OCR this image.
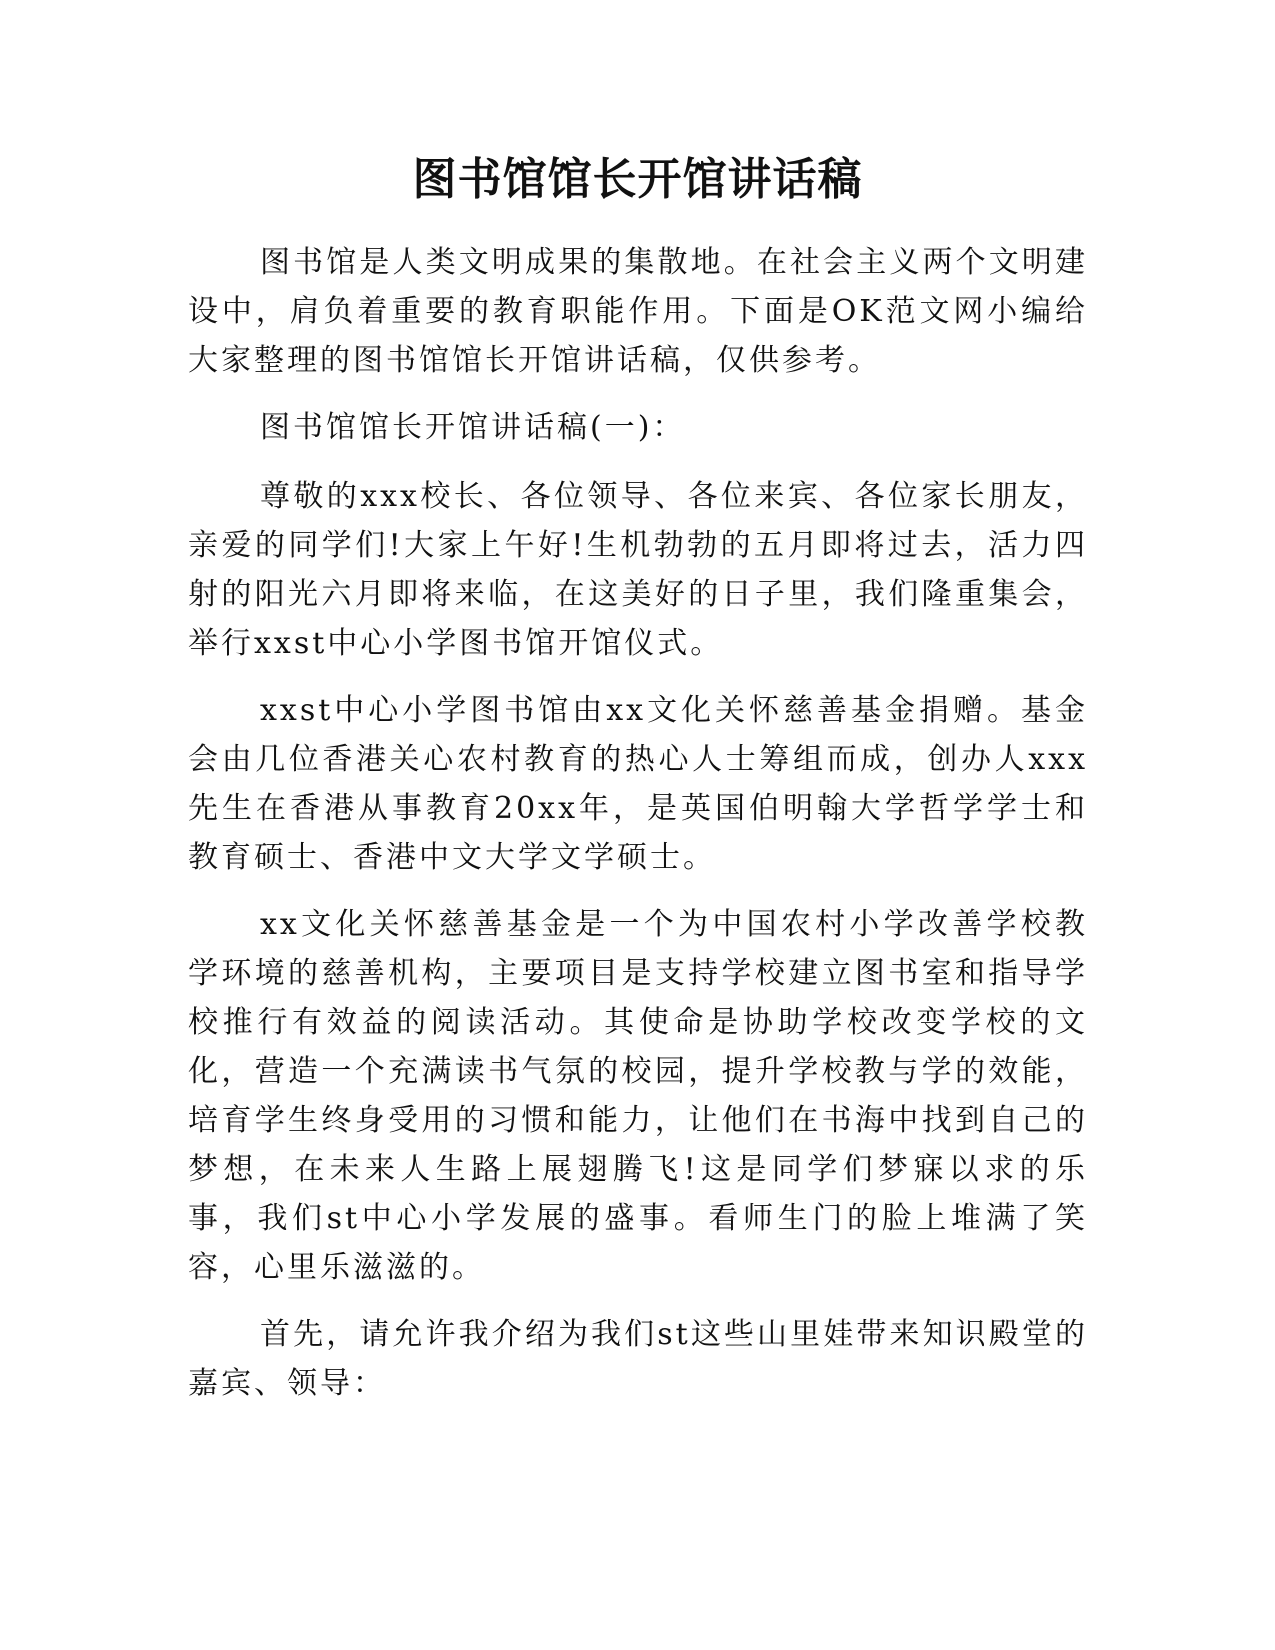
图书馆馆长开馆讲话稿

图书馆是人类文明成果的集散地。在社会主义两个文明建设中，肩负着重要的教育职能作用。下面是OK范文网小编给大家整理的图书馆馆长开馆讲话稿，仅供参考。

图书馆馆长开馆讲话稿(一)：

尊敬的xxx校长、各位领导、各位来宾、各位家长朋友，亲爱的同学们!大家上午好!生机勃勃的五月即将过去，活力四射的阳光六月即将来临，在这美好的日子里，我们隆重集会，举行xxst中心小学图书馆开馆仪式。

xxst中心小学图书馆由xx文化关怀慈善基金捐赠。基金会由几位香港关心农村教育的热心人士筹组而成，创办人xxx先生在香港从事教育20xx年，是英国伯明翰大学哲学学士和教育硕士、香港中文大学文学硕士。

xx文化关怀慈善基金是一个为中国农村小学改善学校教学环境的慈善机构，主要项目是支持学校建立图书室和指导学校推行有效益的阅读活动。其使命是协助学校改变学校的文化，营造一个充满读书气氛的校园，提升学校教与学的效能，培育学生终身受用的习惯和能力，让他们在书海中找到自己的梦想，在未来人生路上展翅腾飞!这是同学们梦寐以求的乐事，我们st中心小学发展的盛事。看师生门的脸上堆满了笑容，心里乐滋滋的。

首先，请允许我介绍为我们st这些山里娃带来知识殿堂的嘉宾、领导：
